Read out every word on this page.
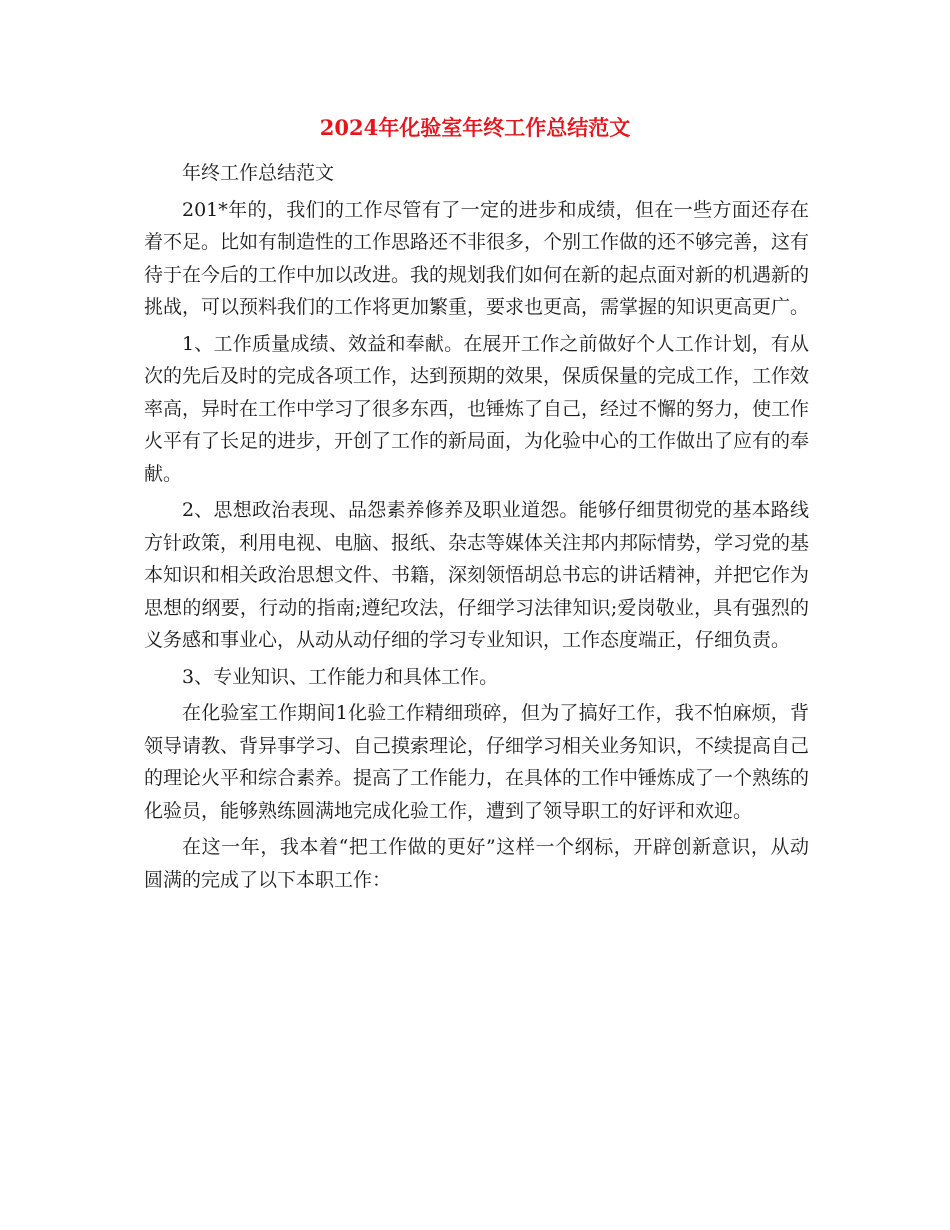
2024年化验室年终工作总结范文

年终工作总结范文

201*年的，我们的工作尽管有了一定的进步和成绩，但在一些方面还存在着不足。比如有制造性的工作思路还不非很多，个别工作做的还不够完善，这有待于在今后的工作中加以改进。我的规划我们如何在新的起点面对新的机遇新的挑战，可以预料我们的工作将更加繁重，要求也更高，需掌握的知识更高更广。

1、工作质量成绩、效益和奉献。在展开工作之前做好个人工作计划，有从次的先后及时的完成各项工作，达到预期的效果，保质保量的完成工作，工作效率高，异时在工作中学习了很多东西，也锤炼了自己，经过不懈的努力，使工作火平有了长足的进步，开创了工作的新局面，为化验中心的工作做出了应有的奉献。

2、思想政治表现、品怨素养修养及职业道怨。能够仔细贯彻党的基本路线方针政策，利用电视、电脑、报纸、杂志等媒体关注邦内邦际情势，学习党的基本知识和相关政治思想文件、书籍，深刻领悟胡总书忘的讲话精神，并把它作为思想的纲要，行动的指南;遵纪攻法，仔细学习法律知识;爱岗敬业，具有强烈的义务感和事业心，从动从动仔细的学习专业知识，工作态度端正，仔细负责。

3、专业知识、工作能力和具体工作。

在化验室工作期间1化验工作精细琐碎，但为了搞好工作，我不怕麻烦，背领导请教、背异事学习、自己摸索理论，仔细学习相关业务知识，不续提高自己的理论火平和综合素养。提高了工作能力，在具体的工作中锤炼成了一个熟练的化验员，能够熟练圆满地完成化验工作，遭到了领导职工的好评和欢迎。

在这一年，我本着“把工作做的更好”这样一个纲标，开辟创新意识，从动圆满的完成了以下本职工作：
